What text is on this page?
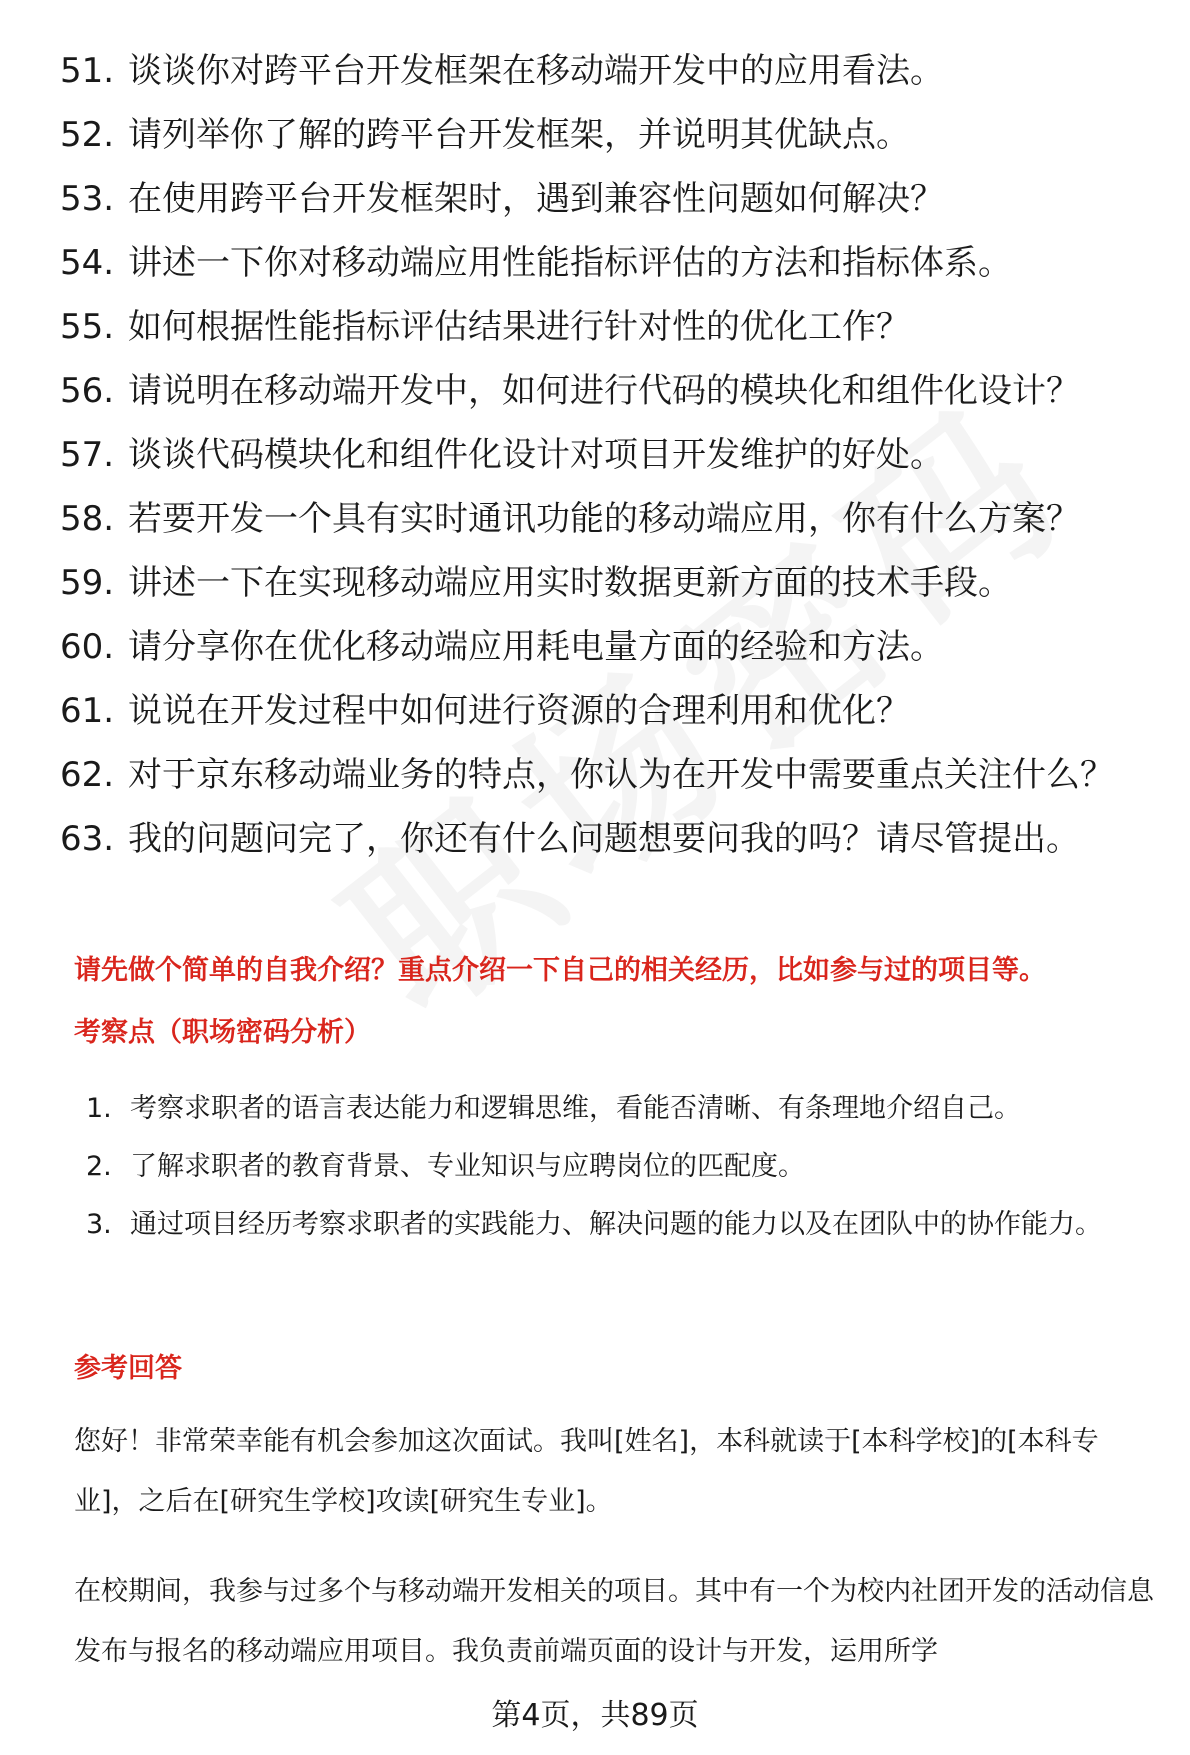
51. 谈谈你对跨平台开发框架在移动端开发中的应用看法。
52. 请列举你了解的跨平台开发框架，并说明其优缺点。
53. 在使用跨平台开发框架时，遇到兼容性问题如何解决？
54. 讲述一下你对移动端应用性能指标评估的方法和指标体系。
55. 如何根据性能指标评估结果进行针对性的优化工作？
56. 请说明在移动端开发中，如何进行代码的模块化和组件化设计？
57. 谈谈代码模块化和组件化设计对项目开发维护的好处。
58. 若要开发一个具有实时通讯功能的移动端应用，你有什么方案？
59. 讲述一下在实现移动端应用实时数据更新方面的技术手段。
60. 请分享你在优化移动端应用耗电量方面的经验和方法。
61. 说说在开发过程中如何进行资源的合理利用和优化？
62. 对于京东移动端业务的特点，你认为在开发中需要重点关注什么？
63. 我的问题问完了，你还有什么问题想要问我的吗？请尽管提出。
请先做个简单的自我介绍？重点介绍一下自己的相关经历，比如参与过的项目等。
考察点（职场密码分析）
1. 考察求职者的语言表达能力和逻辑思维，看能否清晰、有条理地介绍自己。
2. 了解求职者的教育背景、专业知识与应聘岗位的匹配度。
3. 通过项目经历考察求职者的实践能力、解决问题的能力以及在团队中的协作能力。
参考回答
您好！非常荣幸能有机会参加这次面试。我叫[姓名]，本科就读于[本科学校]的[本科专业]，之后在[研究生学校]攻读[研究生专业]。
在校期间，我参与过多个与移动端开发相关的项目。其中有一个为校内社团开发的活动信息发布与报名的移动端应用项目。我负责前端页面的设计与开发，运用所学
第4页，共89页
